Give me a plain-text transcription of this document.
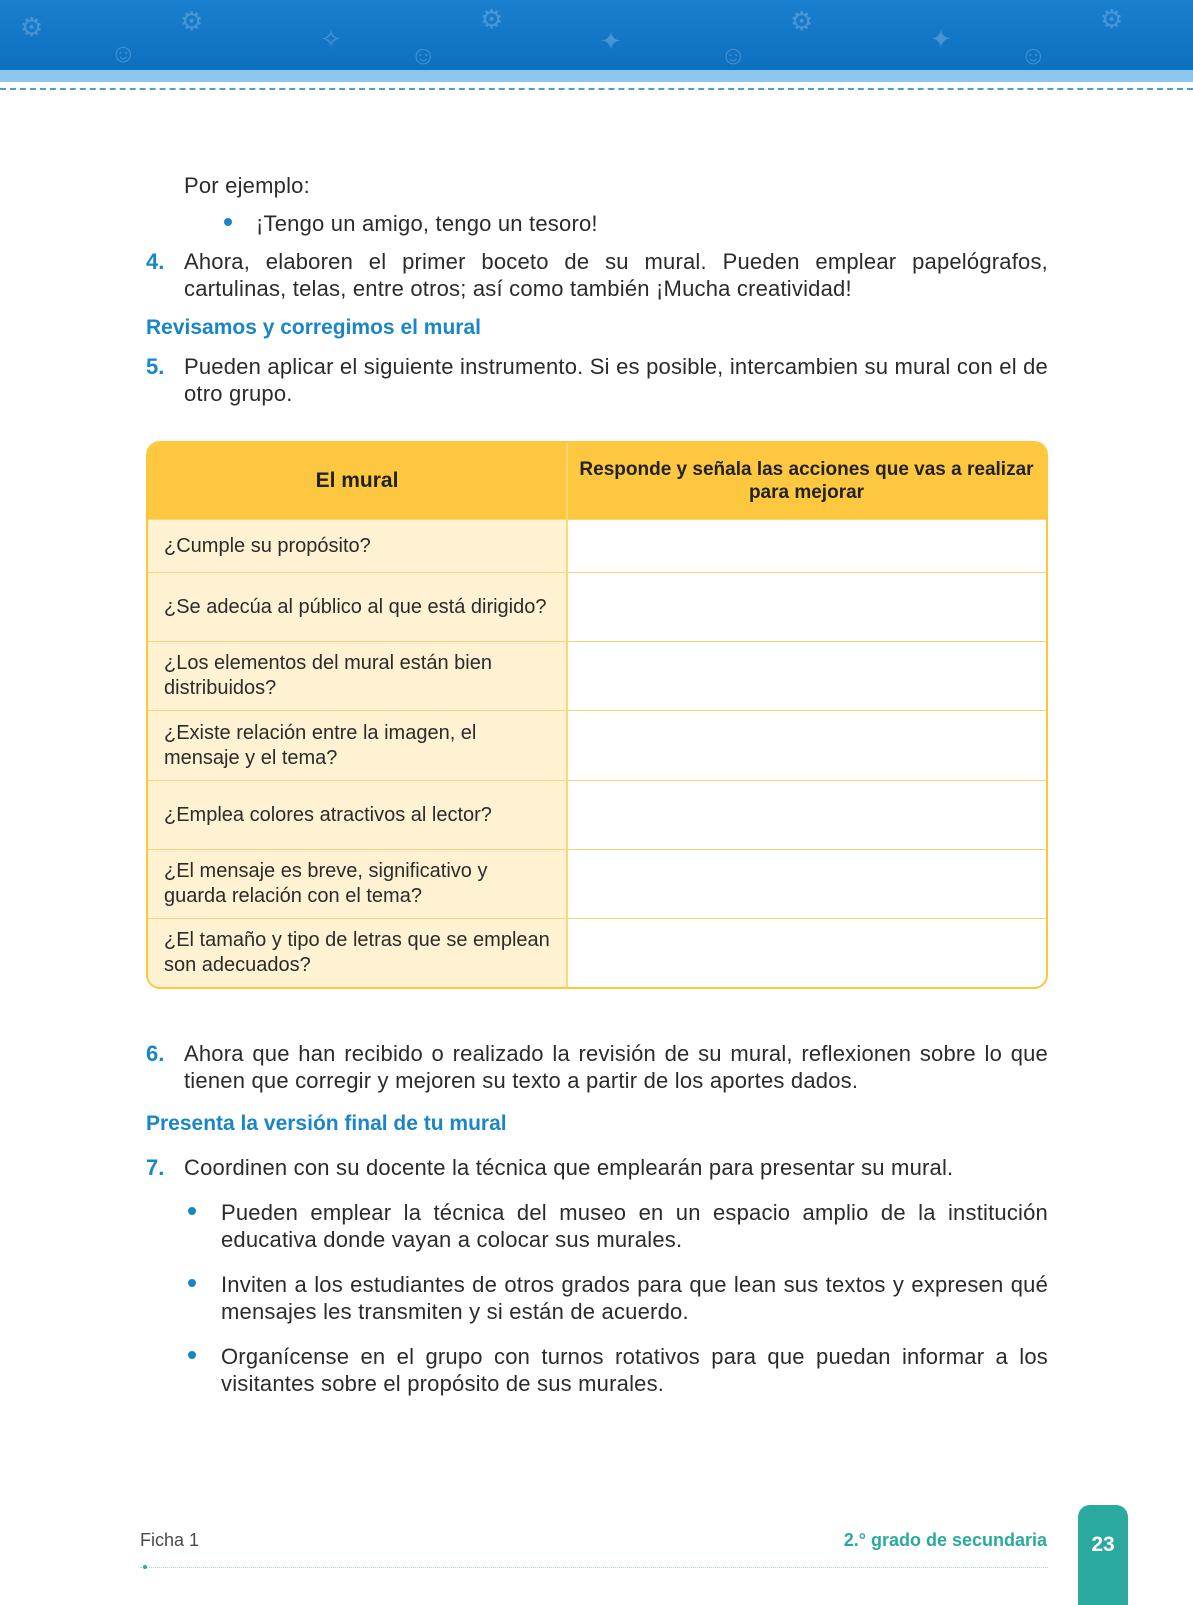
⚙
☺
⚙
✧
☺
⚙
✦	☺
⚙
✦
☺
⚙
Por ejemplo:
¡Tengo un amigo, tengo un tesoro!
4. Ahora, elaboren el primer boceto de su mural. Pueden emplear papelógrafos, cartulinas, telas, entre otros; así como también ¡Mucha creatividad!
Revisamos y corregimos el mural
5. Pueden aplicar el siguiente instrumento. Si es posible, intercambien su mural con el de otro grupo.
El mural	Responde y señala las acciones que vas a realizar para mejorar
¿Cumple su propósito?
¿Se adecúa al público al que está dirigido?
¿Los elementos del mural están bien distribuidos?
¿Existe relación entre la imagen, el mensaje y el tema?
¿Emplea colores atractivos al lector?
¿El mensaje es breve, significativo y guarda relación con el tema?
¿El tamaño y tipo de letras que se emplean son adecuados?
6. Ahora que han recibido o realizado la revisión de su mural, reflexionen sobre lo que tienen que corregir y mejoren su texto a partir de los aportes dados.
Presenta la versión final de tu mural
7. Coordinen con su docente la técnica que emplearán para presentar su mural.
Pueden emplear la técnica del museo en un espacio amplio de la institución educativa donde vayan a colocar sus murales.
Inviten a los estudiantes de otros grados para que lean sus textos y expresen qué mensajes les transmiten y si están de acuerdo.
Organícense en el grupo con turnos rotativos para que puedan informar a los visitantes sobre el propósito de sus murales.
Ficha 1	2.° grado de secundaria	23
